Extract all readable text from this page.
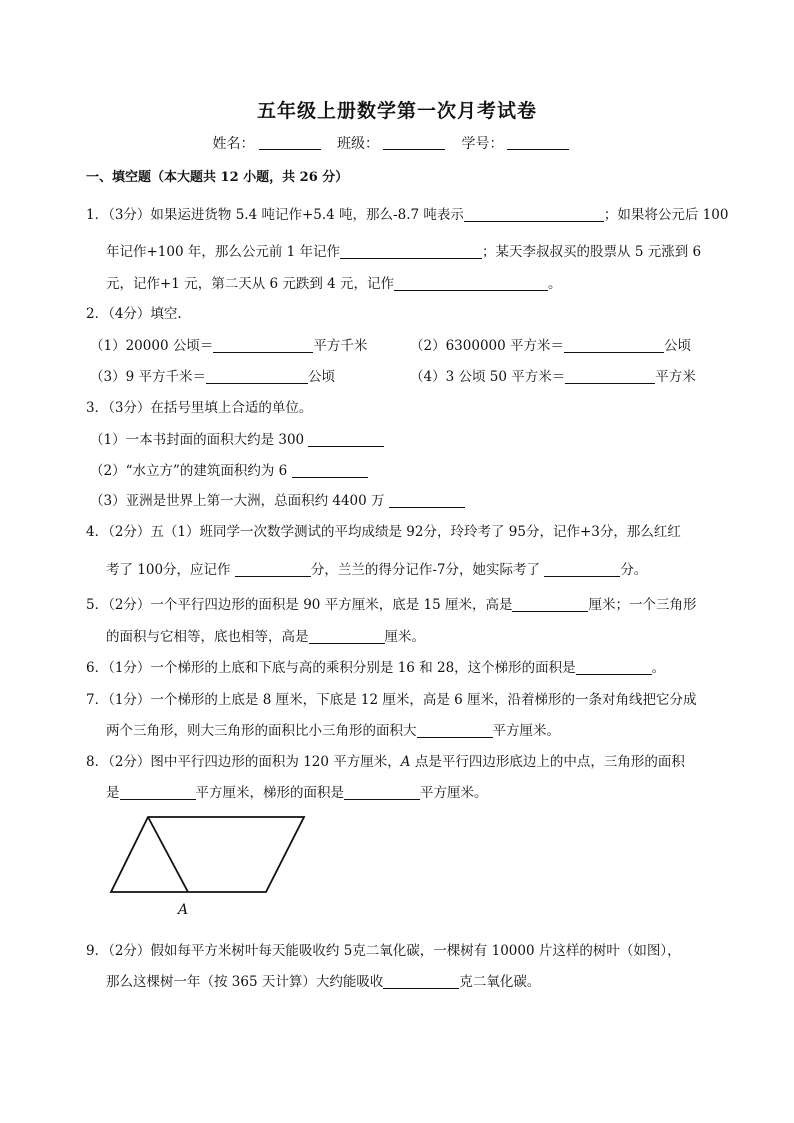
五年级上册数学第一次月考试卷
姓名：	班级：	学号：
一、填空题（本大题共 12 小题，共 26 分）
1．（3分）如果运进货物 5.4 吨记作+5.4 吨，那么-8.7 吨表示	；如果将公元后 100
年记作+100 年，那么公元前 1 年记作	；某天李叔叔买的股票从 5 元涨到 6
元，记作+1 元，第二天从 6 元跌到 4 元，记作	。
2．（4分）填空.
（1）20000 公顷＝	平方千米	（2）6300000 平方米＝	公顷
（3）9 平方千米＝	公顷	（4）3 公顷 50 平方米＝	平方米
3．（3分）在括号里填上合适的单位。
（1）一本书封面的面积大约是 300
（2）“水立方”的建筑面积约为 6
（3）亚洲是世界上第一大洲，总面积约 4400 万
4．（2分）五（1）班同学一次数学测试的平均成绩是 92分，玲玲考了 95分，记作+3分，那么红红
考了 100分，应记作	分，兰兰的得分记作-7分，她实际考了	分。
5．（2分）一个平行四边形的面积是 90 平方厘米，底是 15 厘米，高是	厘米；一个三角形
的面积与它相等，底也相等，高是	厘米。
6．（1分）一个梯形的上底和下底与高的乘积分别是 16 和 28，这个梯形的面积是	。
7．（1分）一个梯形的上底是 8 厘米，下底是 12 厘米，高是 6 厘米，沿着梯形的一条对角线把它分成
两个三角形，则大三角形的面积比小三角形的面积大	平方厘米。
8．（2分）图中平行四边形的面积为 120 平方厘米，A 点是平行四边形底边上的中点，三角形的面积
是	平方厘米，梯形的面积是	平方厘米。
A
9．（2分）假如每平方米树叶每天能吸收约 5克二氧化碳，一棵树有 10000 片这样的树叶（如图），
那么这棵树一年（按 365 天计算）大约能吸收	克二氧化碳。
